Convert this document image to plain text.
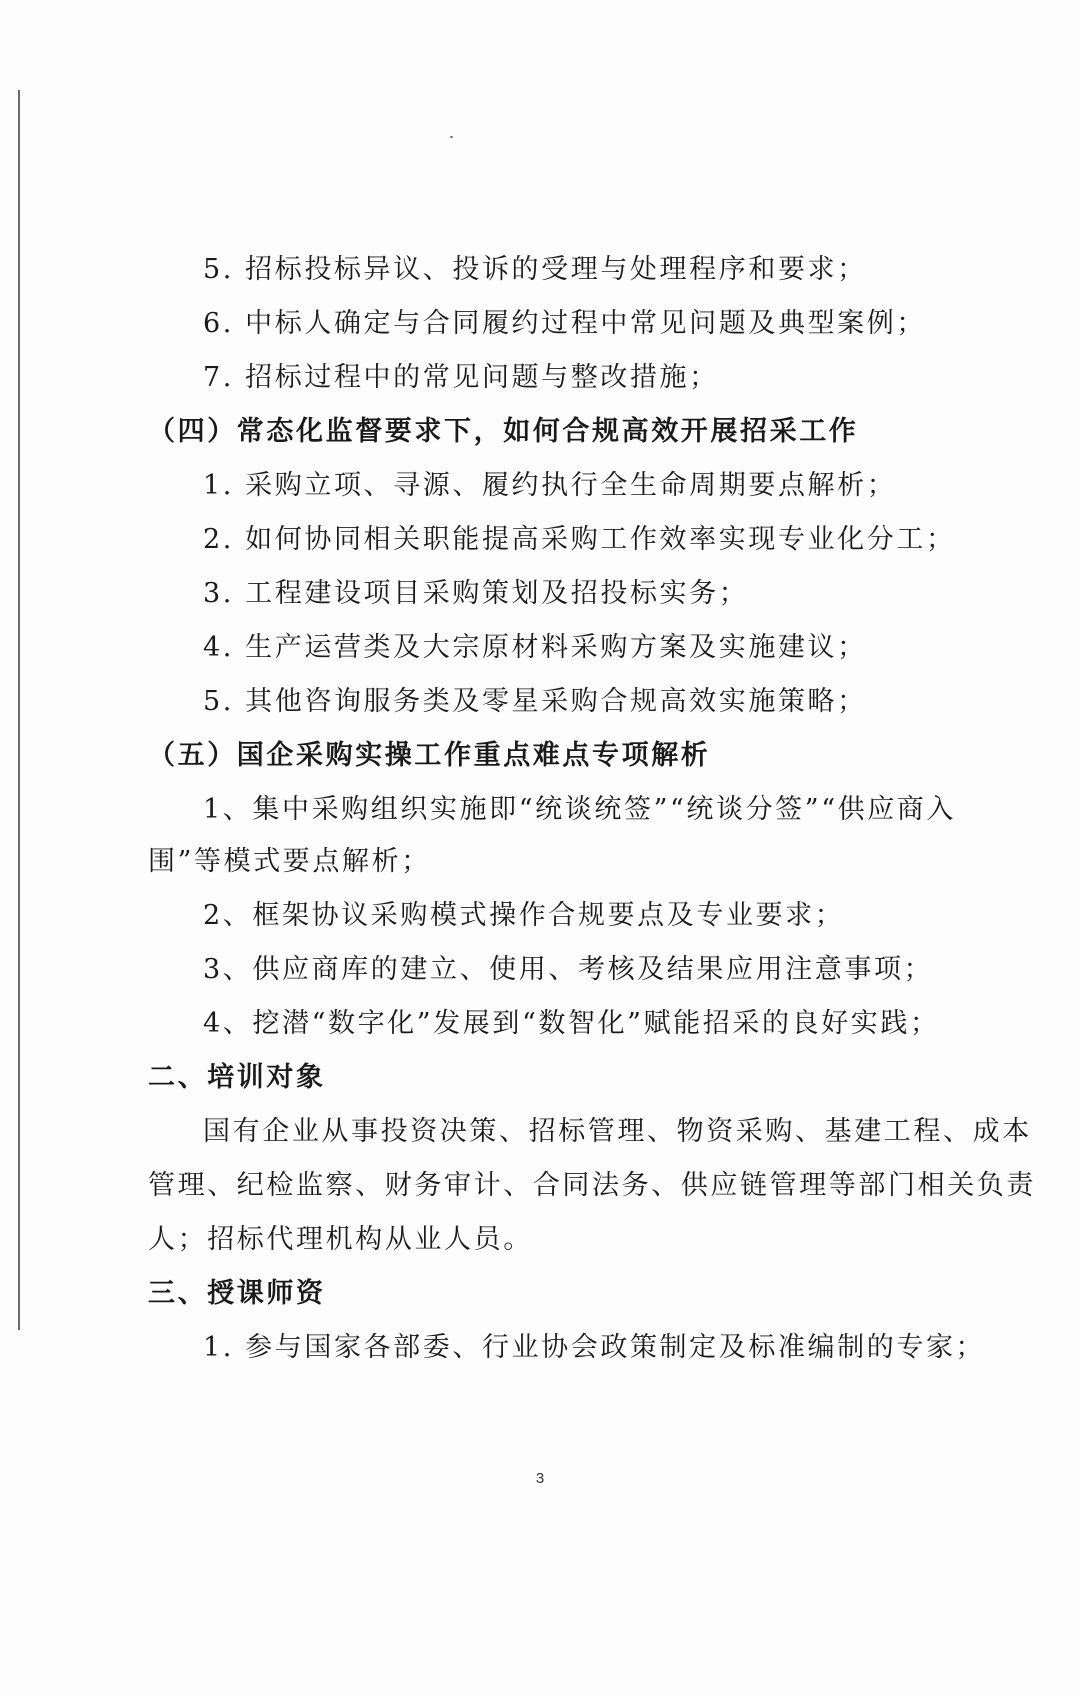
5. 招标投标异议、投诉的受理与处理程序和要求；
6. 中标人确定与合同履约过程中常见问题及典型案例；
7. 招标过程中的常见问题与整改措施；
（四）常态化监督要求下，如何合规高效开展招采工作
1. 采购立项、寻源、履约执行全生命周期要点解析；
2. 如何协同相关职能提高采购工作效率实现专业化分工；
3. 工程建设项目采购策划及招投标实务；
4. 生产运营类及大宗原材料采购方案及实施建议；
5. 其他咨询服务类及零星采购合规高效实施策略；
（五）国企采购实操工作重点难点专项解析
1、集中采购组织实施即“统谈统签”“统谈分签”“供应商入
围”等模式要点解析；
2、框架协议采购模式操作合规要点及专业要求；
3、供应商库的建立、使用、考核及结果应用注意事项；
4、挖潜“数字化”发展到“数智化”赋能招采的良好实践；
二、培训对象
国有企业从事投资决策、招标管理、物资采购、基建工程、成本
管理、纪检监察、财务审计、合同法务、供应链管理等部门相关负责
人；招标代理机构从业人员。
三、授课师资
1. 参与国家各部委、行业协会政策制定及标准编制的专家；
3
